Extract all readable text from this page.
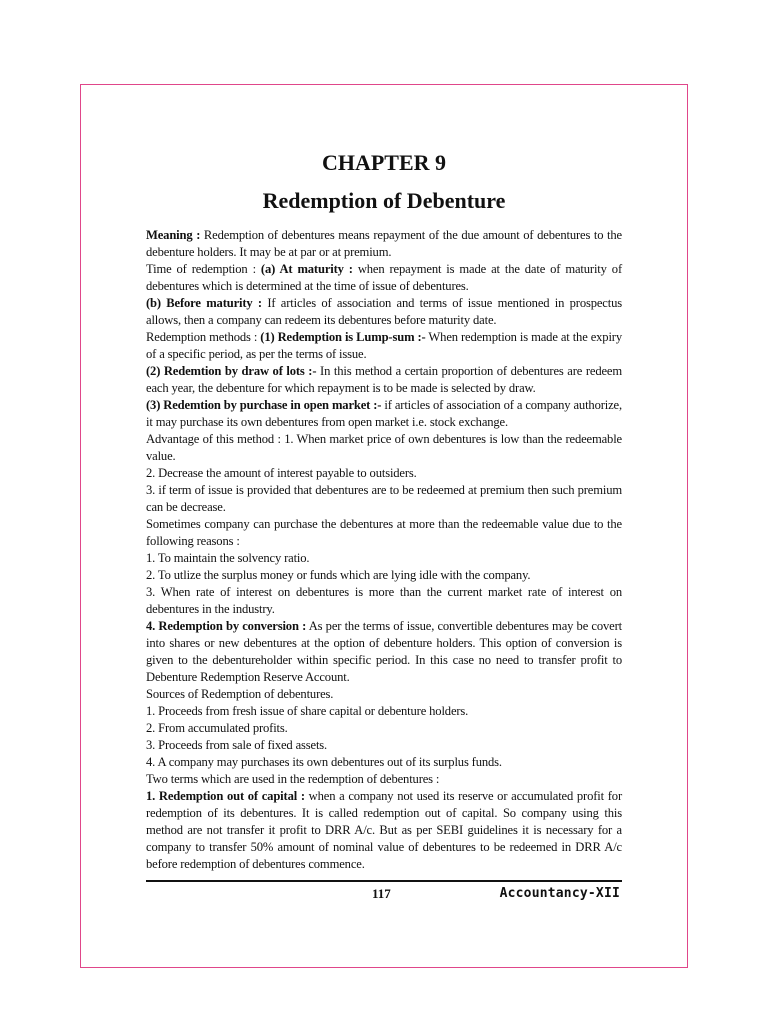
CHAPTER 9
Redemption of Debenture

Meaning : Redemption of debentures means repayment of the due amount of debentures to the debenture holders. It may be at par or at premium.

Time of redemption : (a) At maturity : when repayment is made at the date of maturity of debentures which is determined at the time of issue of debentures.

(b) Before maturity : If articles of association and terms of issue mentioned in prospectus allows, then a company can redeem its debentures before maturity date.

Redemption methods : (1) Redemption is Lump-sum :- When redemption is made at the expiry of a specific period, as per the terms of issue.

(2) Redemtion by draw of lots :- In this method a certain proportion of debentures are redeem each year, the debenture for which repayment is to be made is selected by draw.

(3) Redemtion by purchase in open market :- if articles of association of a company authorize, it may purchase its own debentures from open market i.e. stock exchange.

Advantage of this method : 1. When market price of own debentures is low than the redeemable value.

2. Decrease the amount of interest payable to outsiders.

3. if term of issue is provided that debentures are to be redeemed at premium then such premium can be decrease.

Sometimes company can purchase the debentures at more than the redeemable value due to the following reasons :

1. To maintain the solvency ratio.

2. To utlize the surplus money or funds which are lying idle with the company.

3. When rate of interest on debentures is more than the current market rate of interest on debentures in the industry.

4. Redemption by conversion : As per the terms of issue, convertible debentures may be covert into shares or new debentures at the option of debenture holders. This option of conversion is given to the debentureholder within specific period. In this case no need to transfer profit to Debenture Redemption Reserve Account.

Sources of Redemption of debentures.

1. Proceeds from fresh issue of share capital or debenture holders.

2. From accumulated profits.

3. Proceeds from sale of fixed assets.

4. A company may purchases its own debentures out of its surplus funds.

Two terms which are used in the redemption of debentures :

1. Redemption out of capital : when a company not used its reserve or accumulated profit for redemption of its debentures. It is called redemption out of capital. So company using this method are not transfer it profit to DRR A/c. But as per SEBI guidelines it is necessary for a company to transfer 50% amount of nominal value of debentures to be redeemed in DRR A/c before redemption of debentures commence.

117	Accountancy-XII
